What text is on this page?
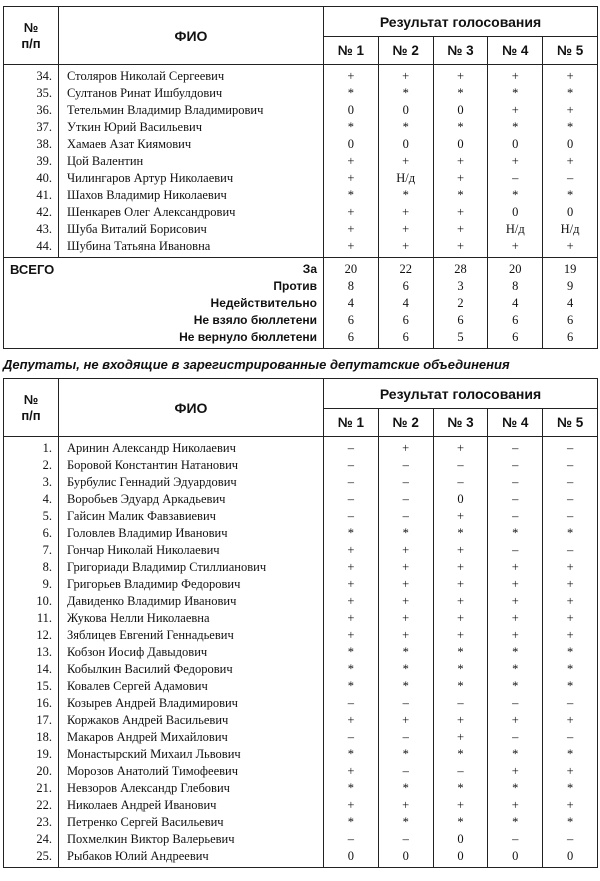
№
п/п	ФИО	Результат голосования				
		№ 1	№ 2	№ 3	№ 4	№ 5
34.	Столяров Николай Сергеевич	+	+	+	+	+
35.	Султанов Ринат Ишбулдович	*	*	*	*	*
36.	Тетельмин Владимир Владимирович	0	0	0	+	+
37.	Уткин Юрий Васильевич	*	*	*	*	*
38.	Хамаев Азат Киямович	0	0	0	0	0
39.	Цой Валентин	+	+	+	+	+
40.	Чилингаров Артур Николаевич	+	Н/д	+	–	–
41.	Шахов Владимир Николаевич	*	*	*	*	*
42.	Шенкарев Олег Александрович	+	+	+	0	0
43.	Шуба Виталий Борисович	+	+	+	Н/д	Н/д
44.	Шубина Татьяна Ивановна	+	+	+	+	+
ВСЕГО	За	20	22	28	20	19
	Против	8	6	3	8	9
	Недействительно	4	4	2	4	4
	Не взяло бюллетени	6	6	6	6	6
	Не вернуло бюллетени	6	6	5	6	6
Депутаты, не входящие в зарегистрированные депутатские объединения
№
п/п	ФИО	Результат голосования				
		№ 1	№ 2	№ 3	№ 4	№ 5
1.	Аринин Александр Николаевич	–	+	+	–	–
2.	Боровой Константин Натанович	–	–	–	–	–
3.	Бурбулис Геннадий Эдуардович	–	–	–	–	–
4.	Воробьев Эдуард Аркадьевич	–	–	0	–	–
5.	Гайсин Малик Фавзавиевич	–	–	+	–	–
6.	Головлев Владимир Иванович	*	*	*	*	*
7.	Гончар Николай Николаевич	+	+	+	–	–
8.	Григориади Владимир Стиллианович	+	+	+	+	+
9.	Григорьев Владимир Федорович	+	+	+	+	+
10.	Давиденко Владимир Иванович	+	+	+	+	+
11.	Жукова Нелли Николаевна	+	+	+	+	+
12.	Зяблицев Евгений Геннадьевич	+	+	+	+	+
13.	Кобзон Иосиф Давыдович	*	*	*	*	*
14.	Кобылкин Василий Федорович	*	*	*	*	*
15.	Ковалев Сергей Адамович	*	*	*	*	*
16.	Козырев Андрей Владимирович	–	–	–	–	–
17.	Коржаков Андрей Васильевич	+	+	+	+	+
18.	Макаров Андрей Михайлович	–	–	+	–	–
19.	Монастырский Михаил Львович	*	*	*	*	*
20.	Морозов Анатолий Тимофеевич	+	–	–	+	+
21.	Невзоров Александр Глебович	*	*	*	*	*
22.	Николаев Андрей Иванович	+	+	+	+	+
23.	Петренко Сергей Васильевич	*	*	*	*	*
24.	Похмелкин Виктор Валерьевич	–	–	0	–	–
25.	Рыбаков Юлий Андреевич	0	0	0	0	0
